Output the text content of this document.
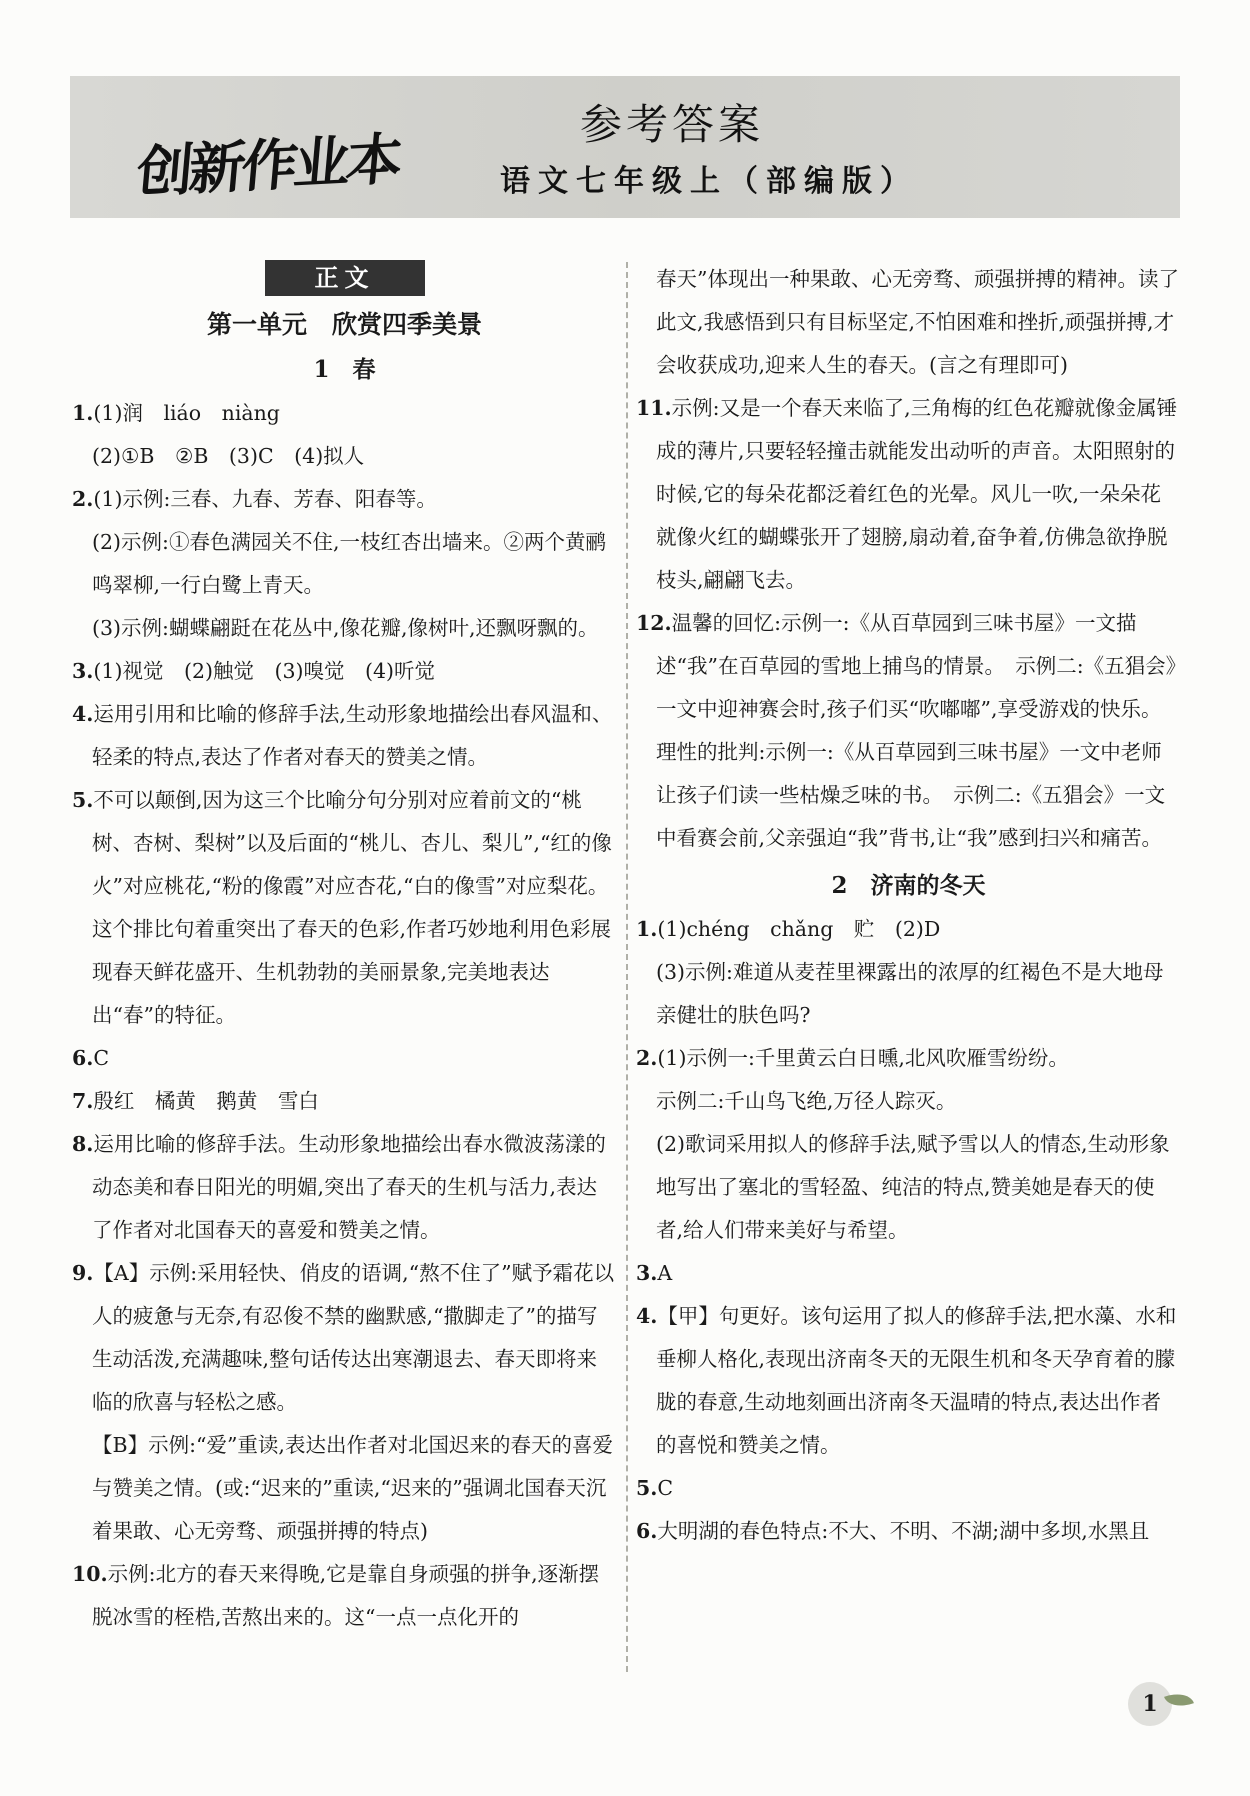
创新作业本
参考答案
语文七年级上（部编版）
正文
第一单元　欣赏四季美景
1　春

1.(1)润　liáo　niàng

(2)①B　②B　(3)C　(4)拟人

2.(1)示例:三春、九春、芳春、阳春等。

(2)示例:①春色满园关不住,一枝红杏出墙来。②两个黄鹂鸣翠柳,一行白鹭上青天。

(3)示例:蝴蝶翩跹在花丛中,像花瓣,像树叶,还飘呀飘的。

3.(1)视觉　(2)触觉　(3)嗅觉　(4)听觉

4.运用引用和比喻的修辞手法,生动形象地描绘出春风温和、轻柔的特点,表达了作者对春天的赞美之情。

5.不可以颠倒,因为这三个比喻分句分别对应着前文的“桃树、杏树、梨树”以及后面的“桃儿、杏儿、梨儿”,“红的像火”对应桃花,“粉的像霞”对应杏花,“白的像雪”对应梨花。这个排比句着重突出了春天的色彩,作者巧妙地利用色彩展现春天鲜花盛开、生机勃勃的美丽景象,完美地表达出“春”的特征。

6.C

7.殷红　橘黄　鹅黄　雪白

8.运用比喻的修辞手法。生动形象地描绘出春水微波荡漾的动态美和春日阳光的明媚,突出了春天的生机与活力,表达了作者对北国春天的喜爱和赞美之情。

9.【A】示例:采用轻快、俏皮的语调,“熬不住了”赋予霜花以人的疲惫与无奈,有忍俊不禁的幽默感,“撒脚走了”的描写生动活泼,充满趣味,整句话传达出寒潮退去、春天即将来临的欣喜与轻松之感。

【B】示例:“爱”重读,表达出作者对北国迟来的春天的喜爱与赞美之情。(或:“迟来的”重读,“迟来的”强调北国春天沉着果敢、心无旁骛、顽强拼搏的特点)

10.示例:北方的春天来得晚,它是靠自身顽强的拼争,逐渐摆脱冰雪的桎梏,苦熬出来的。这“一点一点化开的

春天”体现出一种果敢、心无旁骛、顽强拼搏的精神。读了此文,我感悟到只有目标坚定,不怕困难和挫折,顽强拼搏,才会收获成功,迎来人生的春天。(言之有理即可)

11.示例:又是一个春天来临了,三角梅的红色花瓣就像金属锤成的薄片,只要轻轻撞击就能发出动听的声音。太阳照射的时候,它的每朵花都泛着红色的光晕。风儿一吹,一朵朵花就像火红的蝴蝶张开了翅膀,扇动着,奋争着,仿佛急欲挣脱枝头,翩翩飞去。

12.温馨的回忆:示例一:《从百草园到三味书屋》一文描述“我”在百草园的雪地上捕鸟的情景。　示例二:《五猖会》一文中迎神赛会时,孩子们买“吹嘟嘟”,享受游戏的快乐。

理性的批判:示例一:《从百草园到三味书屋》一文中老师让孩子们读一些枯燥乏味的书。　示例二:《五猖会》一文中看赛会前,父亲强迫“我”背书,让“我”感到扫兴和痛苦。

2　济南的冬天

1.(1)chéng　chǎng　贮　(2)D

(3)示例:难道从麦茬里裸露出的浓厚的红褐色不是大地母亲健壮的肤色吗?

2.(1)示例一:千里黄云白日曛,北风吹雁雪纷纷。

示例二:千山鸟飞绝,万径人踪灭。

(2)歌词采用拟人的修辞手法,赋予雪以人的情态,生动形象地写出了塞北的雪轻盈、纯洁的特点,赞美她是春天的使者,给人们带来美好与希望。

3.A

4.【甲】句更好。该句运用了拟人的修辞手法,把水藻、水和垂柳人格化,表现出济南冬天的无限生机和冬天孕育着的朦胧的春意,生动地刻画出济南冬天温晴的特点,表达出作者的喜悦和赞美之情。

5.C

6.大明湖的春色特点:不大、不明、不湖;湖中多坝,水黑且

1
